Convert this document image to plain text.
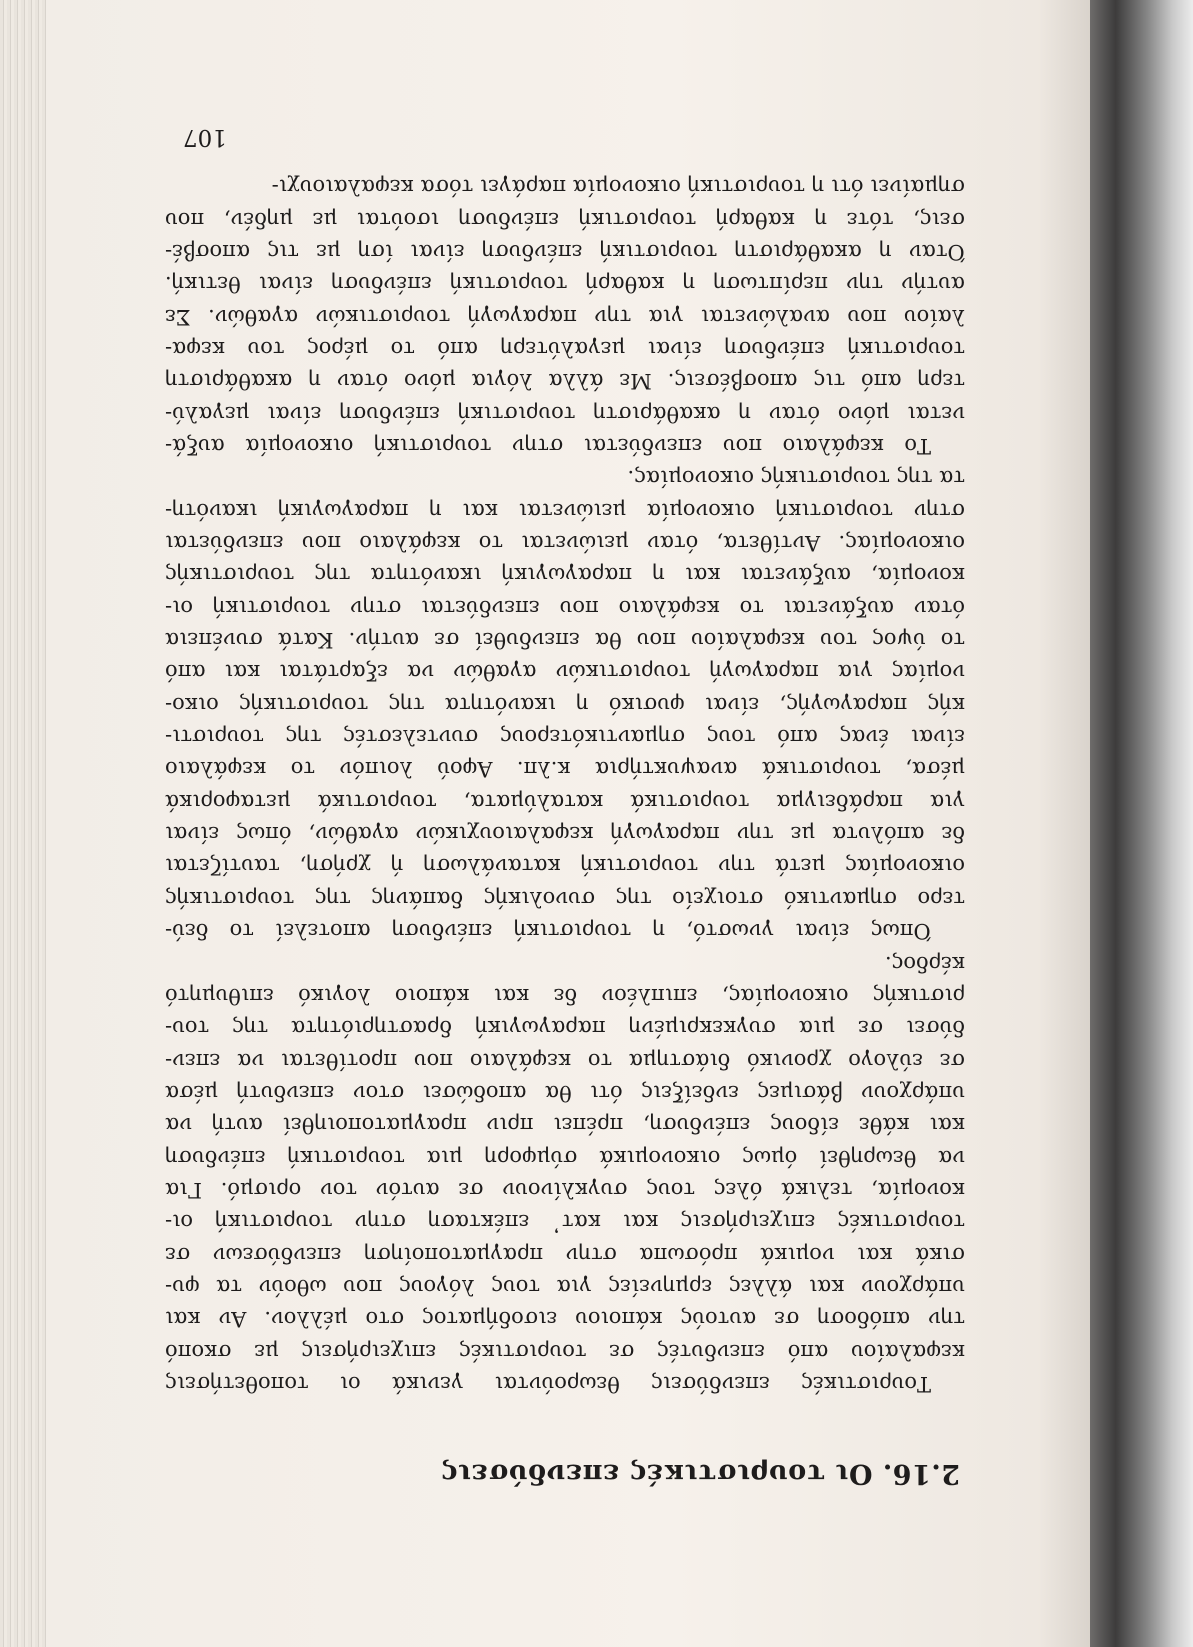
2.16. Οι τουριστικές επενδύσεις
Τουριστικές επενδύσεις θεωρούνται γενικά οι τοποθετήσεις
κεφαλαίου από επενδυτές σε τουριστικές επιχειρήσεις με σκοπό
την απόδοση σε αυτούς κάποιου εισοδήματος στο μέλλον. Αν και
υπάρχουν και άλλες ερμηνείες για τους λόγους που ωθούν τα φυ-
σικά και νομικά πρόσωπα στην πραγματοποίηση επενδύσεων σε
τουριστικές επιχειρήσεις και κατ᾽ επέκταση στην τουριστική οι-
κονομία, τελικά όλες τους συγκλίνουν σε αυτόν τον ορισμό. Για
να θεωρηθεί όμως οικονομικά σύμφορη μια τουριστική επένδυση
και κάθε είδους επένδυση, πρέπει πριν πραγματοποιηθεί αυτή να
υπάρχουν βάσιμες ενδείξεις ότι θα αποδώσει στον επενδυτή μέσα
σε εύλογο χρονικό διάστημα το κεφάλαιο που προτίθεται να επεν-
δύσει σε μια συγκεκριμένη παραγωγική δραστηριότητα της του-
ριστικής οικονομίας, επιπλέον δε και κάποιο λογικό επιθυμητό
κέρδος.
Όπως είναι γνωστό, η τουριστική επένδυση αποτελεί το δεύ-
τερο σημαντικό στοιχείο της συνολικής δαπάνης της τουριστικής
οικονομίας μετά την τουριστική κατανάλωση ή χρήση, ταυτίζεται
δε απόλυτα με την παραγωγή κεφαλαιουχικών αγαθών, όπως είναι
για παράδειγμα τουριστικά καταλύματα, τουριστικά μεταφορικά
μέσα, τουριστικά αναψυκτήρια κ.λπ. Αφού λοιπόν το κεφάλαιο
είναι ένας από τους σημαντικότερους συντελεστές της τουριστι-
κής παραγωγής, είναι φυσικό η ικανότητα της τουριστικής οικο-
νομίας για παραγωγή τουριστικών αγαθών να εξαρτάται και από
το ύψος του κεφαλαίου που θα επενδυθεί σε αυτήν. Κατά συνέπεια
όταν αυξάνεται το κεφάλαιο που επενδύεται στην τουριστική οι-
κονομία, αυξάνεται και η παραγωγική ικανότητα της τουριστικής
οικονομίας. Αντίθετα, όταν μειώνεται το κεφάλαιο που επενδύεται
στην τουριστική οικονομία μειώνεται και η παραγωγική ικανότη-
τα της τουριστικής οικονομίας.
Το κεφάλαιο που επενδύεται στην τουριστική οικονομία αυξά-
νεται μόνο όταν η ακαθάριστη τουριστική επένδυση είναι μεγαλύ-
τερη από τις αποσβέσεις. Με άλλα λόγια μόνο όταν η ακαθάριστη
τουριστική επένδυση είναι μεγαλύτερη από το μέρος του κεφα-
λαίου που αναλώνεται για την παραγωγή τουριστικών αγαθών. Σε
αυτήν την περίπτωση η καθαρή τουριστική επένδυση είναι θετική.
Όταν η ακαθάριστη τουριστική επένδυση είναι ίση με τις αποσβέ-
σεις, τότε η καθαρή τουριστική επένδυση ισούται με μηδέν, που
σημαίνει ότι η τουριστική οικονομία παράγει τόσα κεφαλαιουχι-
107
